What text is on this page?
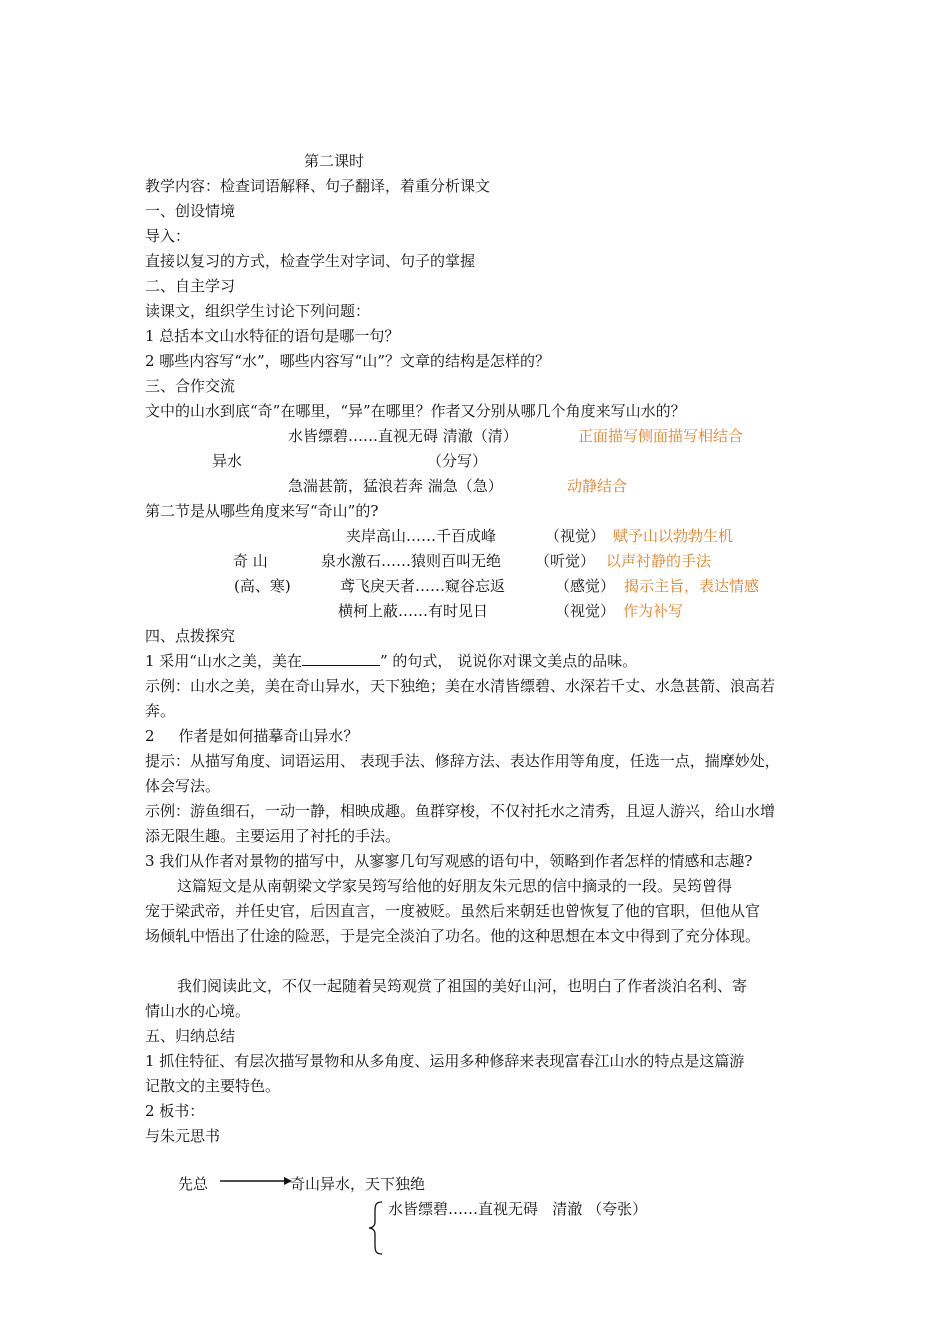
第二课时
教学内容：检查词语解释、句子翻译，着重分析课文
一、创设情境
导入：
直接以复习的方式，检查学生对字词、句子的掌握
二、自主学习
读课文，组织学生讨论下列问题：
1 总括本文山水特征的语句是哪一句？
2 哪些内容写“水”，哪些内容写“山”？文章的结构是怎样的？
三、合作交流
文中的山水到底“奇”在哪里，“异”在哪里？作者又分别从哪几个角度来写山水的？
水皆缥碧……直视无碍 清澈（清）	正面描写侧面描写相结合
异水	（分写）
急湍甚箭，猛浪若奔 湍急（急）	动静结合
第二节是从哪些角度来写“奇山”的?
夹岸高山……千百成峰	（视觉） 赋予山以勃勃生机
奇 山	泉水激石……猿则百叫无绝 （听觉） 以声衬静的手法
(高、寒)	鸢飞戾天者……窥谷忘返	（感觉） 揭示主旨，表达情感
横柯上蔽……有时见日	（视觉） 作为补写
四、点拨探究
1 采用“山水之美，美在	” 的句式， 说说你对课文美点的品味。
示例：山水之美，美在奇山异水，天下独绝；美在水清皆缥碧、水深若千丈、水急甚箭、浪高若
奔。
2     作者是如何描摹奇山异水？
提示：从描写角度、词语运用、 表现手法、修辞方法、表达作用等角度，任选一点，揣摩妙处，
体会写法。
示例：游鱼细石，一动一静，相映成趣。鱼群穿梭，不仅衬托水之清秀，且逗人游兴，给山水增
添无限生趣。主要运用了衬托的手法。
3 我们从作者对景物的描写中，从寥寥几句写观感的语句中，领略到作者怎样的情感和志趣?
这篇短文是从南朝梁文学家吴筠写给他的好朋友朱元思的信中摘录的一段。吴筠曾得
宠于梁武帝，并任史官，后因直言，一度被贬。虽然后来朝廷也曾恢复了他的官职，但他从官
场倾轧中悟出了仕途的险恶，于是完全淡泊了功名。他的这种思想在本文中得到了充分体现。
我们阅读此文，不仅一起随着吴筠观赏了祖国的美好山河，也明白了作者淡泊名利、寄
情山水的心境。
五、归纳总结
1 抓住特征、有层次描写景物和从多角度、运用多种修辞来表现富春江山水的特点是这篇游
记散文的主要特色。
2 板书：
与朱元思书
先总	奇山异水，天下独绝
水皆缥碧……直视无碍   清澈 （夸张）
